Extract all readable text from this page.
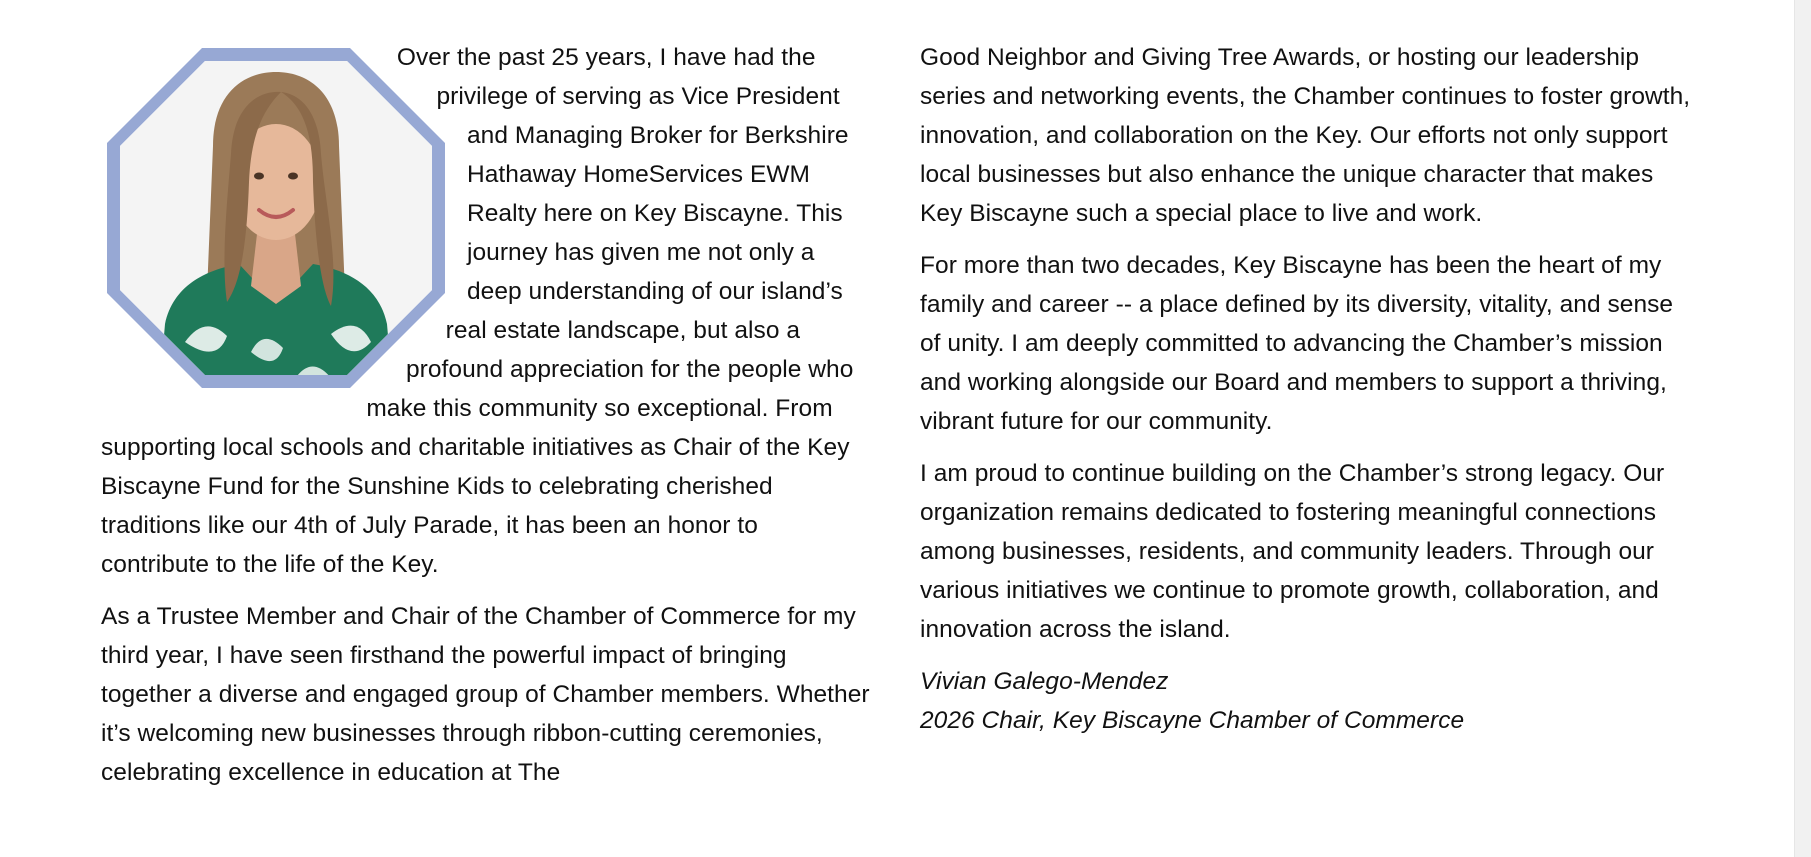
Over the past 25 years, I have had the privilege of serving as Vice President and Managing Broker for Berkshire Hathaway HomeServices EWM Realty here on Key Biscayne. This journey has given me not only a deep understanding of our island’s real estate landscape, but also a profound appreciation for the people who make this community so exceptional. From supporting local schools and charitable initiatives as Chair of the Key Biscayne Fund for the Sunshine Kids to celebrating cherished traditions like our 4th of July Parade, it has been an honor to contribute to the life of the Key.

As a Trustee Member and Chair of the Chamber of Commerce for my third year, I have seen firsthand the powerful impact of bringing together a diverse and engaged group of Chamber members. Whether it’s welcoming new businesses through ribbon-cutting ceremonies, celebrating excellence in education at The

Good Neighbor and Giving Tree Awards, or hosting our leadership series and networking events, the Chamber continues to foster growth, innovation, and collaboration on the Key. Our efforts not only support local businesses but also enhance the unique character that makes Key Biscayne such a special place to live and work.

For more than two decades, Key Biscayne has been the heart of my family and career -- a place defined by its diversity, vitality, and sense of unity. I am deeply committed to advancing the Chamber’s mission and working alongside our Board and members to support a thriving, vibrant future for our community.

I am proud to continue building on the Chamber’s strong legacy. Our organization remains dedicated to fostering meaningful connections among businesses, residents, and community leaders. Through our various initiatives we continue to promote growth, collaboration, and innovation across the island.

Vivian Galego-Mendez
2026 Chair, Key Biscayne Chamber of Commerce
